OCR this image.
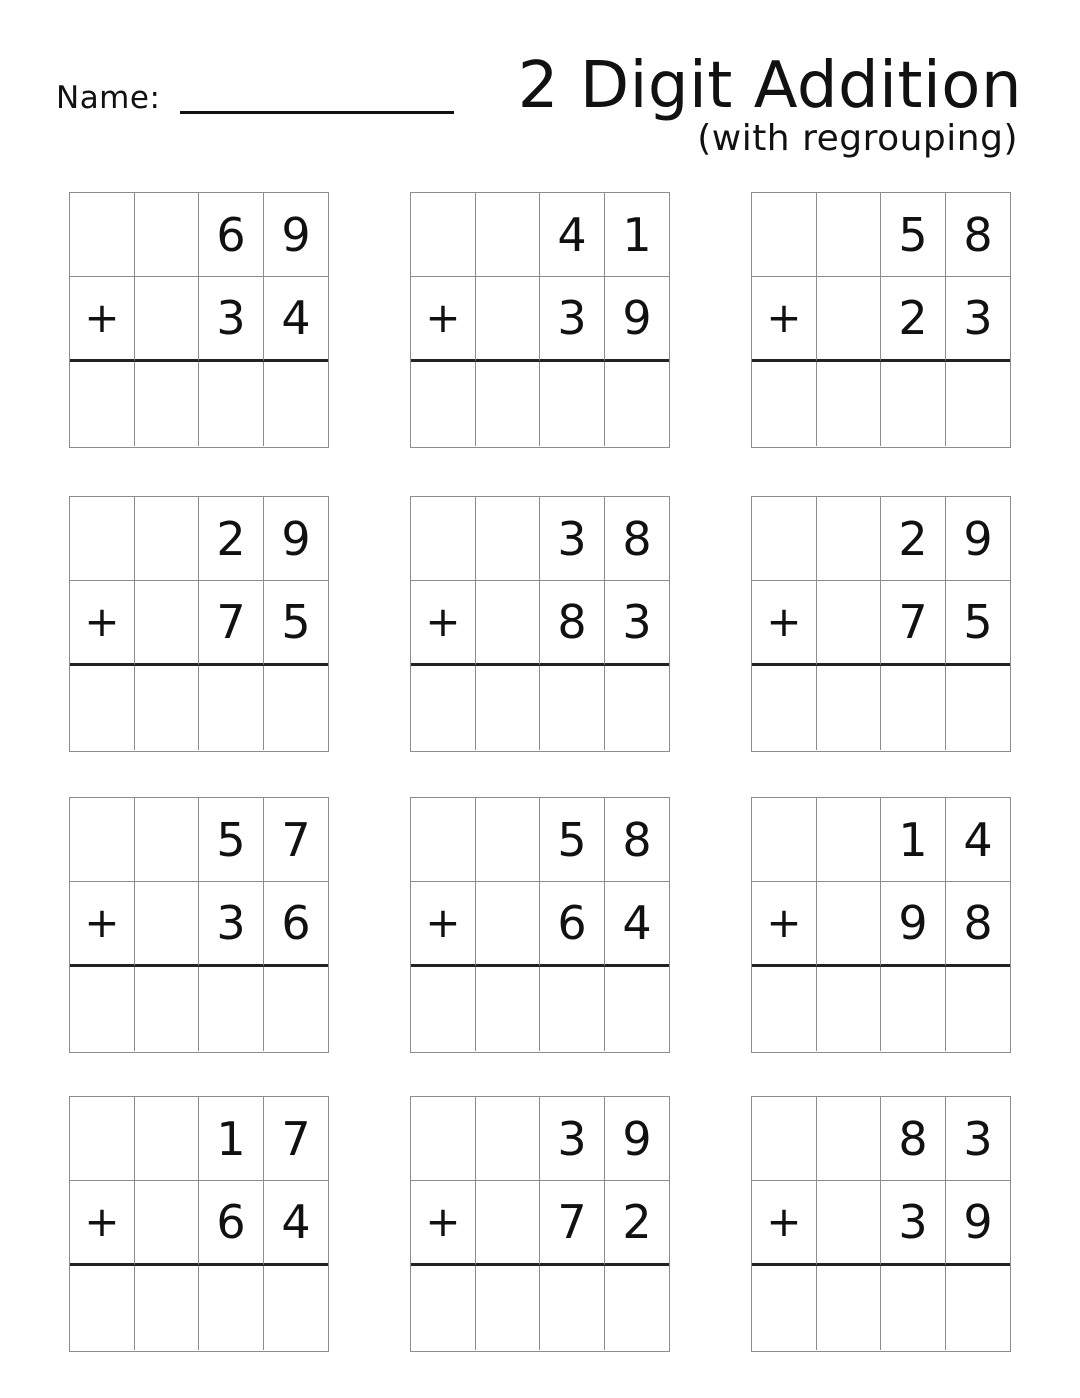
Name:	2 Digit Addition
(with regrouping)
6 9
+	3 4
4 1
+	3 9
5 8
+	2 3
2 9
+	7 5
3 8
+	8 3
2 9
+	7 5
5 7
+	3 6
5 8
+	6 4
1 4
+	9 8
1 7
+	6 4
3 9
+	7 2
8 3
+	3 9
